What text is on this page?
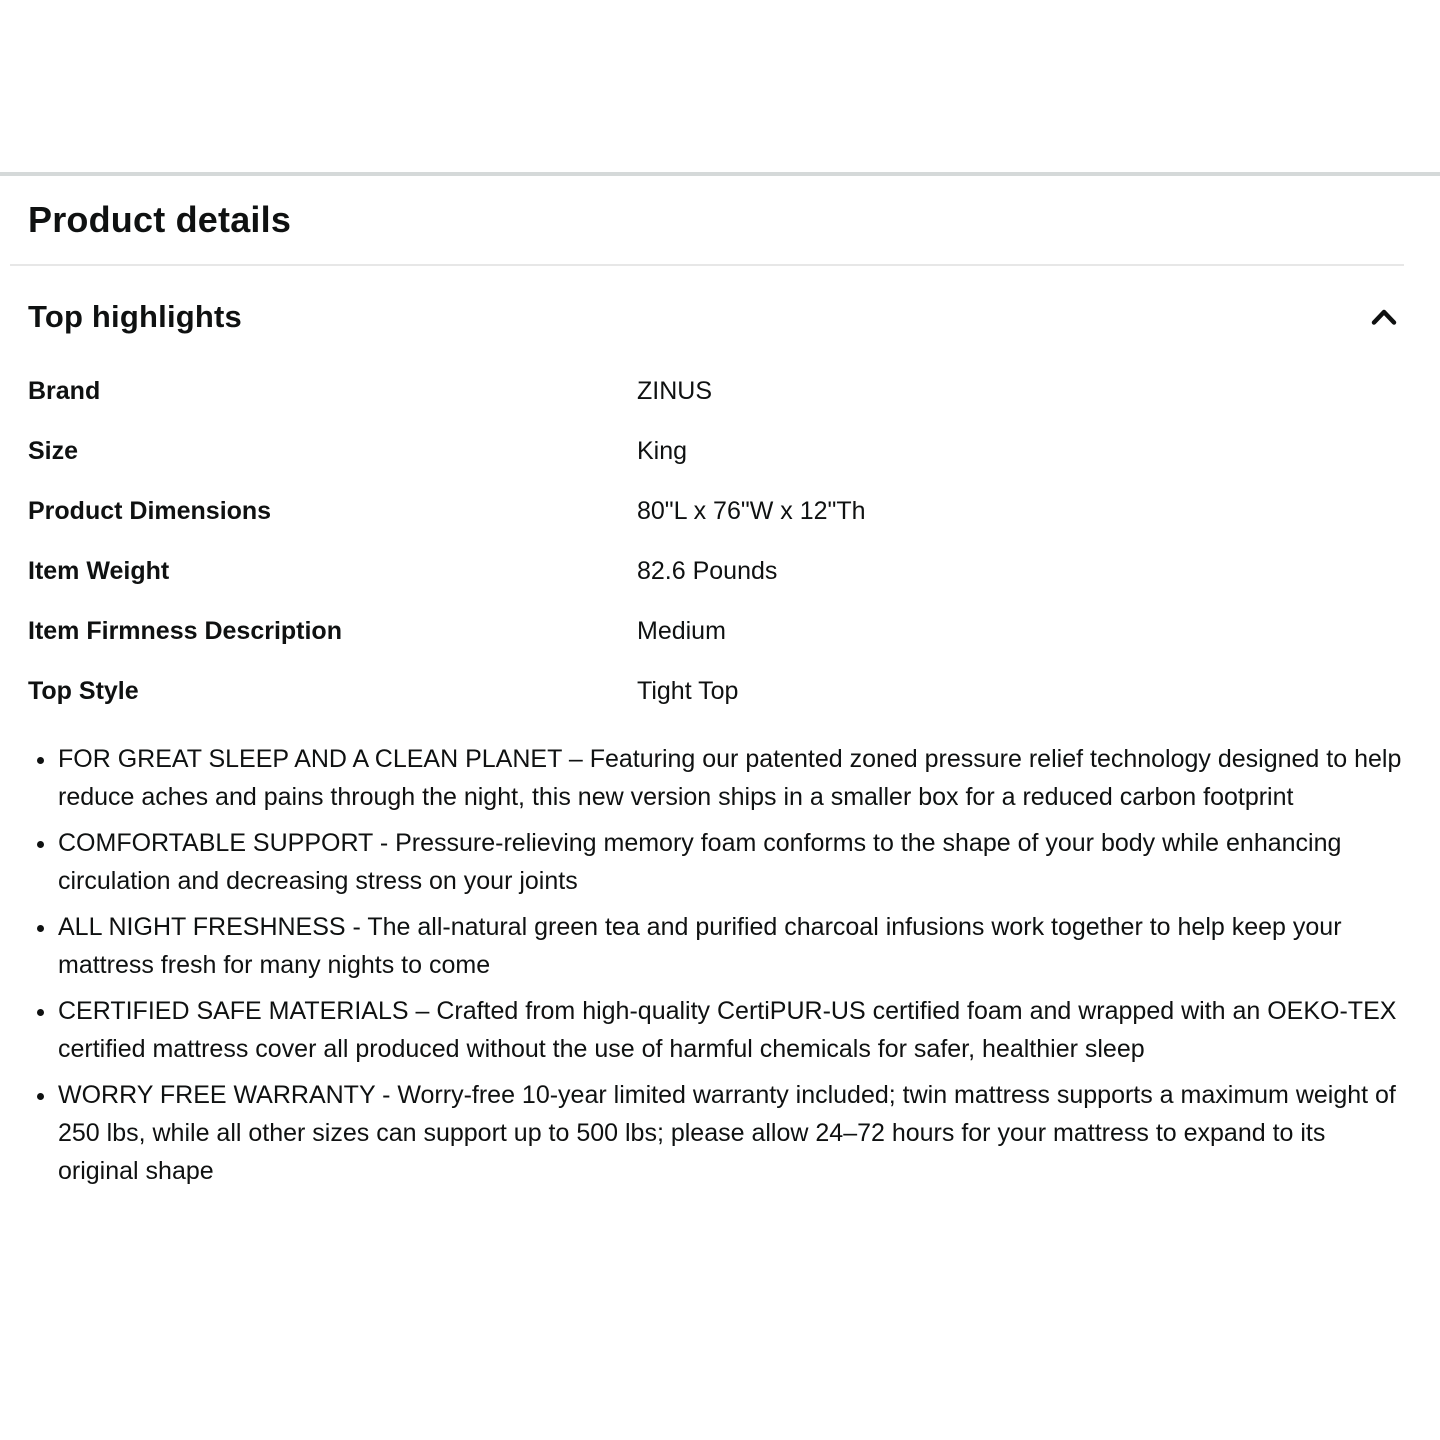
Product details
Top highlights
Brand	ZINUS
Size	King
Product Dimensions	80"L x 76"W x 12"Th
Item Weight	82.6 Pounds
Item Firmness Description	Medium
Top Style	Tight Top
• FOR GREAT SLEEP AND A CLEAN PLANET – Featuring our patented zoned pressure relief technology designed to help reduce aches and pains through the night, this new version ships in a smaller box for a reduced carbon footprint
• COMFORTABLE SUPPORT - Pressure-relieving memory foam conforms to the shape of your body while enhancing circulation and decreasing stress on your joints
• ALL NIGHT FRESHNESS - The all-natural green tea and purified charcoal infusions work together to help keep your mattress fresh for many nights to come
• CERTIFIED SAFE MATERIALS – Crafted from high-quality CertiPUR-US certified foam and wrapped with an OEKO-TEX certified mattress cover all produced without the use of harmful chemicals for safer, healthier sleep
• WORRY FREE WARRANTY - Worry-free 10-year limited warranty included; twin mattress supports a maximum weight of 250 lbs, while all other sizes can support up to 500 lbs; please allow 24–72 hours for your mattress to expand to its original shape
